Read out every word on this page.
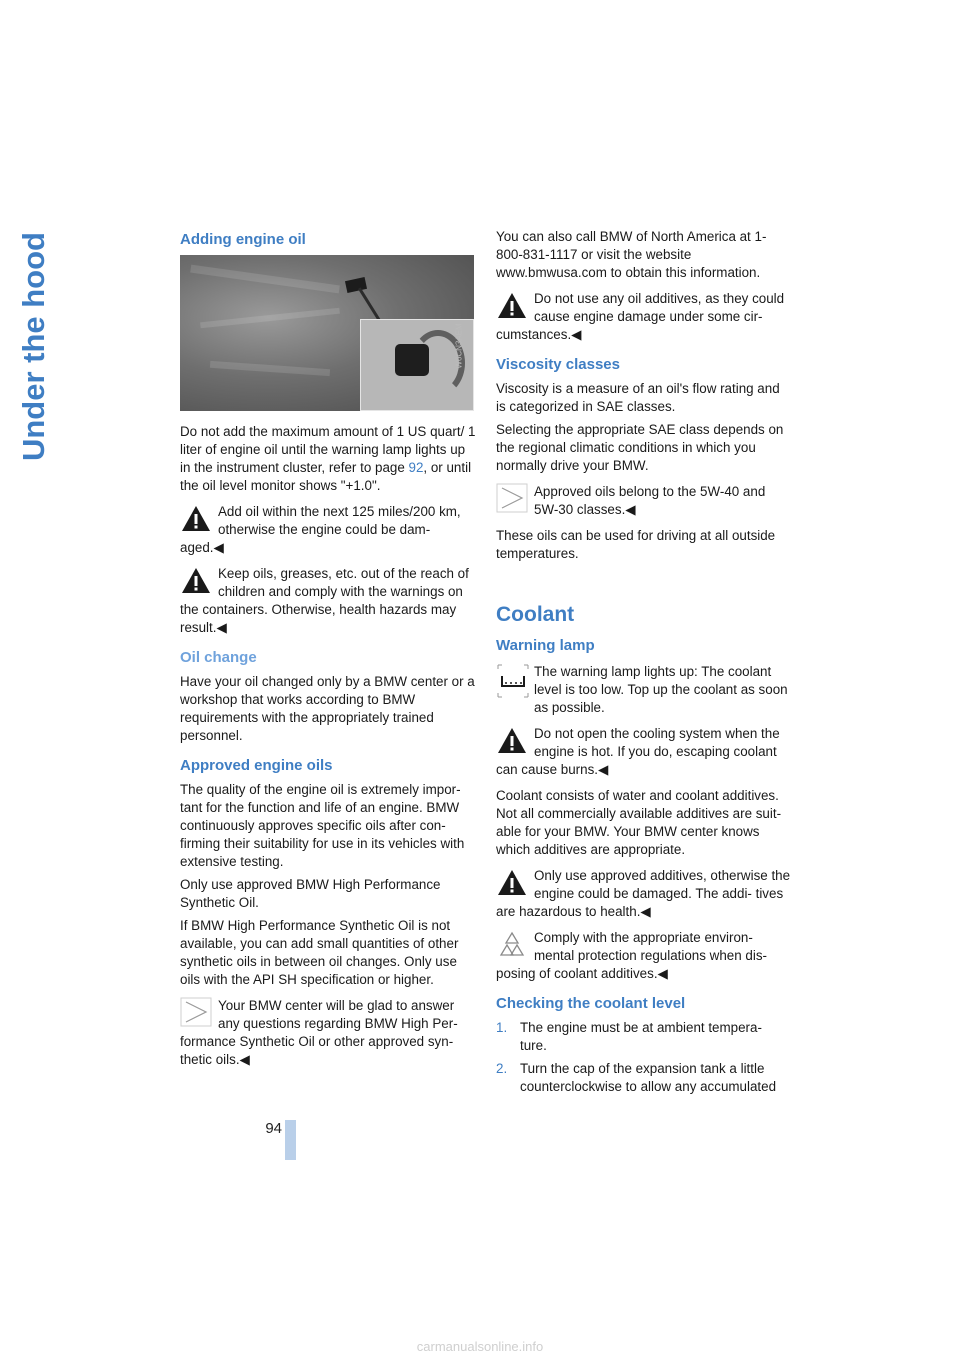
Under the hood	Adding engine oil
W6CN3AEM

Do not add the maximum amount of 1 US quart/ 1 liter of engine oil until the warning lamp lights up in the instrument cluster, refer to page 92, or until the oil level monitor shows "+1.0".

Add oil within the next 125 miles/200 km, otherwise the engine could be dam- aged.◀

Keep oils, greases, etc. out of the reach of children and comply with the warnings on the containers. Otherwise, health hazards may result.◀

Oil change

Have your oil changed only by a BMW center or a workshop that works according to BMW requirements with the appropriately trained personnel.

Approved engine oils

The quality of the engine oil is extremely impor- tant for the function and life of an engine. BMW continuously approves specific oils after con- firming their suitability for use in its vehicles with extensive testing.

Only use approved BMW High Performance Synthetic Oil.

If BMW High Performance Synthetic Oil is not available, you can add small quantities of other synthetic oils in between oil changes. Only use oils with the API SH specification or higher.

Your BMW center will be glad to answer any questions regarding BMW High Per- formance Synthetic Oil or other approved syn- thetic oils.◀

You can also call BMW of North America at 1-800-831-1117 or visit the website www.bmwusa.com to obtain this information.

Do not use any oil additives, as they could cause engine damage under some cir- cumstances.◀

Viscosity classes

Viscosity is a measure of an oil's flow rating and is categorized in SAE classes.

Selecting the appropriate SAE class depends on the regional climatic conditions in which you normally drive your BMW.

Approved oils belong to the 5W-40 and 5W-30 classes.◀

These oils can be used for driving at all outside temperatures.

Coolant
Warning lamp

The warning lamp lights up: The coolant level is too low. Top up the coolant as soon as possible.

Do not open the cooling system when the engine is hot. If you do, escaping coolant can cause burns.◀

Coolant consists of water and coolant additives. Not all commercially available additives are suit- able for your BMW. Your BMW center knows which additives are appropriate.

Only use approved additives, otherwise the engine could be damaged. The addi- tives are hazardous to health.◀

Comply with the appropriate environ- mental protection regulations when dis- posing of coolant additives.◀

Checking the coolant level
1. The engine must be at ambient tempera- ture.
2. Turn the cap of the expansion tank a little counterclockwise to allow any accumulated
94
carmanualsonline.info
